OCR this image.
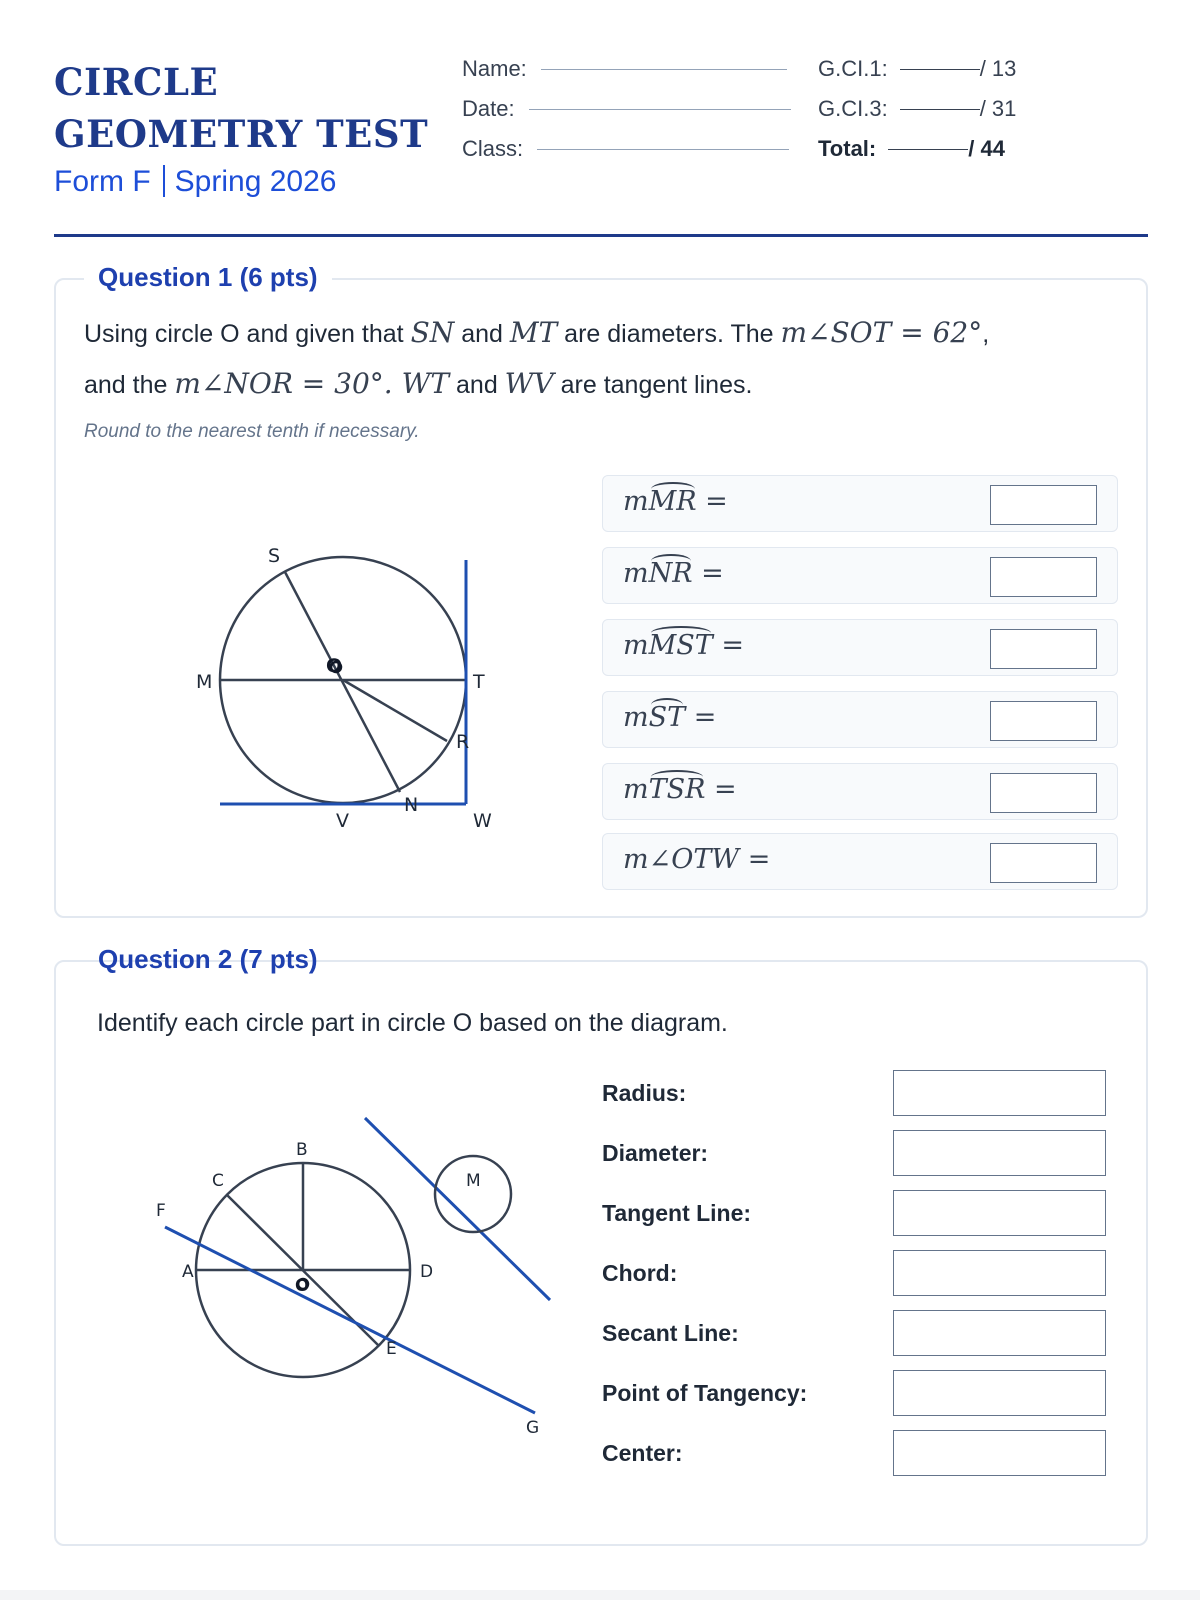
CIRCLE GEOMETRY TEST
Form F Spring 2026
Name:
Date:
Class:
G.CI.1:	/ 13
G.CI.3:	/ 31
Total:	/ 44
Question 1 (6 pts)
Using circle O and given that SN and MT are diameters. The m∠SOT = 62°,
and the m∠NOR = 30°. WT and WV are tangent lines.
Round to the nearest tenth if necessary.
S
M
O
T
R
N
V	W
mMR =
mNR =
mMST =
mST =
mTSR =
m∠OTW =
Question 2 (7 pts)
Identify each circle part in circle O based on the diagram.
A
B
C
D
E
F
G
M
O
Radius:
Diameter:
Tangent Line:
Chord:
Secant Line:
Point of Tangency:
Center:
